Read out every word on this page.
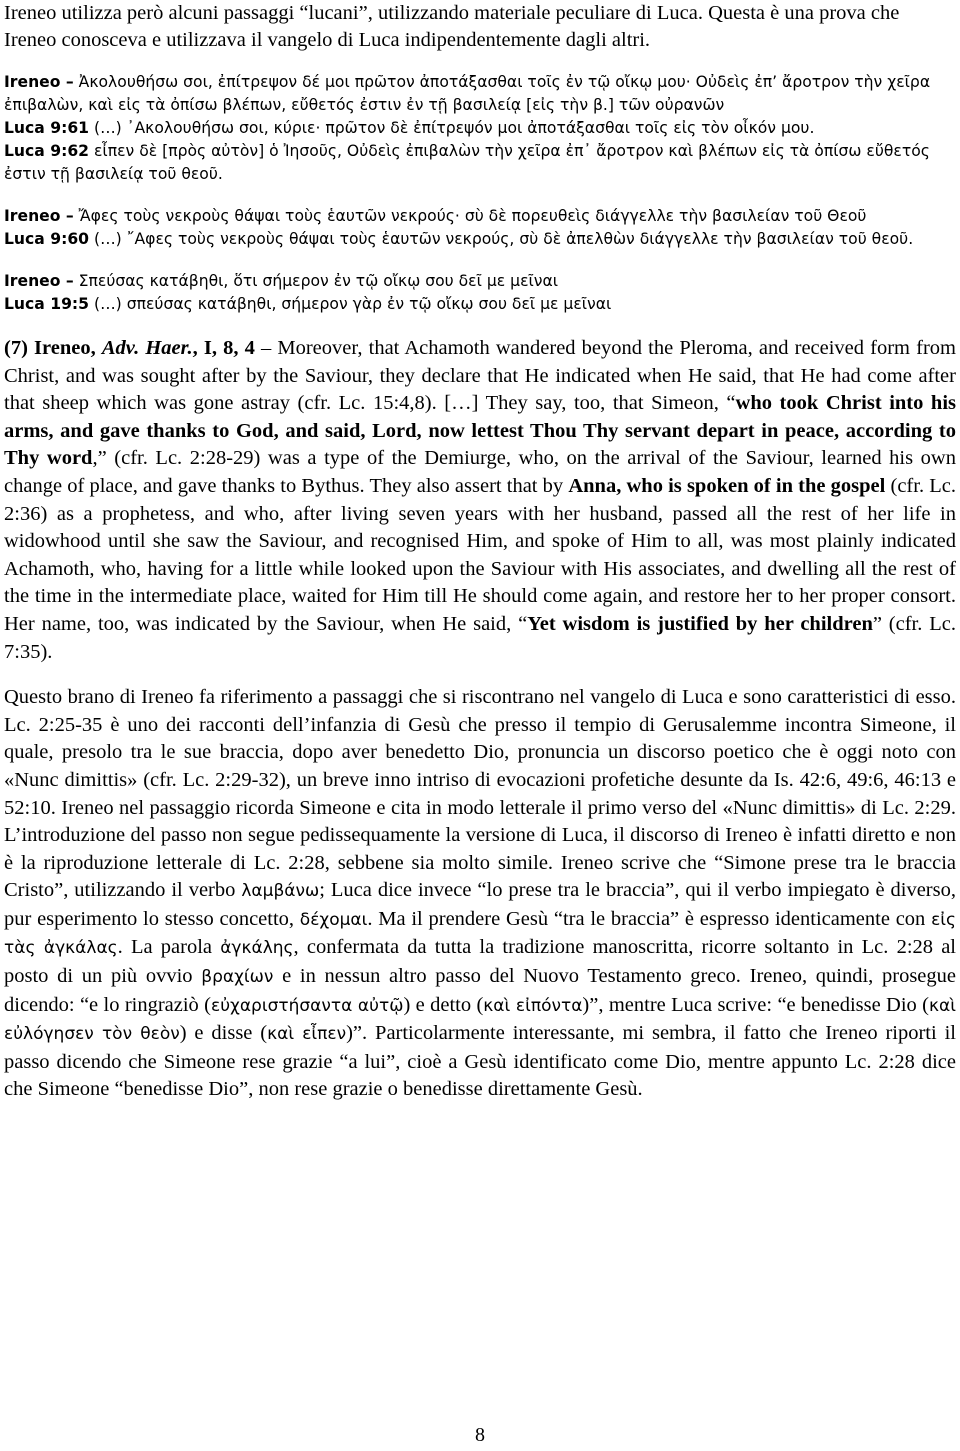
Ireneo utilizza però alcuni passaggi “lucani”, utilizzando materiale peculiare di Luca. Questa è una prova che Ireneo conosceva e utilizzava il vangelo di Luca indipendentemente dagli altri.

Ireneo – Ἀκολουθήσω σοι, ἐπίτρεψον δέ μοι πρῶτον ἀποτάξασθαι τοῖς ἐν τῷ οἴκῳ μου· Οὐδεὶς ἐπ’ ἄροτρον τὴν χεῖρα ἐπιβαλὼν, καὶ εἰς τὰ ὀπίσω βλέπων, εὔθετός ἐστιν ἐν τῇ βασιλείᾳ [εἰς τὴν β.] τῶν οὐρανῶν

Luca 9:61 (…) ᾿Ακολουθήσω σοι, κύριε· πρῶτον δὲ ἐπίτρεψόν μοι ἀποτάξασθαι τοῖς εἰς τὸν οἶκόν μου.

Luca 9:62 εἶπεν δὲ [πρὸς αὐτὸν] ὁ Ἰησοῦς, Οὐδεὶς ἐπιβαλὼν τὴν χεῖρα ἐπ᾽ ἄροτρον καὶ βλέπων εἰς τὰ ὀπίσω εὔθετός ἐστιν τῇ βασιλείᾳ τοῦ θεοῦ.

Ireneo – Ἄφες τοὺς νεκροὺς θάψαι τοὺς ἑαυτῶν νεκρούς· σὺ δὲ πορευθεὶς διάγγελλε τὴν βασιλείαν τοῦ Θεοῦ

Luca 9:60 (…) ῎Αφες τοὺς νεκροὺς θάψαι τοὺς ἑαυτῶν νεκρούς, σὺ δὲ ἀπελθὼν διάγγελλε τὴν βασιλείαν τοῦ θεοῦ.

Ireneo – Σπεύσας κατάβηθι, ὅτι σήμερον ἐν τῷ οἴκῳ σου δεῖ με μεῖναι

Luca 19:5 (…) σπεύσας κατάβηθι, σήμερον γὰρ ἐν τῷ οἴκῳ σου δεῖ με μεῖναι

(7) Ireneo, Adv. Haer., I, 8, 4 – Moreover, that Achamoth wandered beyond the Pleroma, and received form from Christ, and was sought after by the Saviour, they declare that He indicated when He said, that He had come after that sheep which was gone astray (cfr. Lc. 15:4,8). […] They say, too, that Simeon, “who took Christ into his arms, and gave thanks to God, and said, Lord, now lettest Thou Thy servant depart in peace, according to Thy word,” (cfr. Lc. 2:28-29) was a type of the Demiurge, who, on the arrival of the Saviour, learned his own change of place, and gave thanks to Bythus. They also assert that by Anna, who is spoken of in the gospel (cfr. Lc. 2:36) as a prophetess, and who, after living seven years with her husband, passed all the rest of her life in widowhood until she saw the Saviour, and recognised Him, and spoke of Him to all, was most plainly indicated Achamoth, who, having for a little while looked upon the Saviour with His associates, and dwelling all the rest of the time in the intermediate place, waited for Him till He should come again, and restore her to her proper consort. Her name, too, was indicated by the Saviour, when He said, “Yet wisdom is justified by her children” (cfr. Lc. 7:35).

Questo brano di Ireneo fa riferimento a passaggi che si riscontrano nel vangelo di Luca e sono caratteristici di esso. Lc. 2:25-35 è uno dei racconti dell’infanzia di Gesù che presso il tempio di Gerusalemme incontra Simeone, il quale, presolo tra le sue braccia, dopo aver benedetto Dio, pronuncia un discorso poetico che è oggi noto con «Nunc dimittis» (cfr. Lc. 2:29-32), un breve inno intriso di evocazioni profetiche desunte da Is. 42:6, 49:6, 46:13 e 52:10. Ireneo nel passaggio ricorda Simeone e cita in modo letterale il primo verso del «Nunc dimittis» di Lc. 2:29. L’introduzione del passo non segue pedissequamente la versione di Luca, il discorso di Ireneo è infatti diretto e non è la riproduzione letterale di Lc. 2:28, sebbene sia molto simile. Ireneo scrive che “Simone prese tra le braccia Cristo”, utilizzando il verbo λαμβάνω; Luca dice invece “lo prese tra le braccia”, qui il verbo impiegato è diverso, pur esperimento lo stesso concetto, δέχομαι. Ma il prendere Gesù “tra le braccia” è espresso identicamente con εἰς τὰς ἀγκάλας. La parola ἀγκάλης, confermata da tutta la tradizione manoscritta, ricorre soltanto in Lc. 2:28 al posto di un più ovvio βραχίων e in nessun altro passo del Nuovo Testamento greco. Ireneo, quindi, prosegue dicendo: “e lo ringraziò (εὐχαριστήσαντα αὐτῷ) e detto (καὶ εἰπόντα)”, mentre Luca scrive: “e benedisse Dio (καὶ εὐλόγησεν τὸν θεὸν) e disse (καὶ εἶπεν)”. Particolarmente interessante, mi sembra, il fatto che Ireneo riporti il passo dicendo che Simeone rese grazie “a lui”, cioè a Gesù identificato come Dio, mentre appunto Lc. 2:28 dice che Simeone “benedisse Dio”, non rese grazie o benedisse direttamente Gesù.

8
